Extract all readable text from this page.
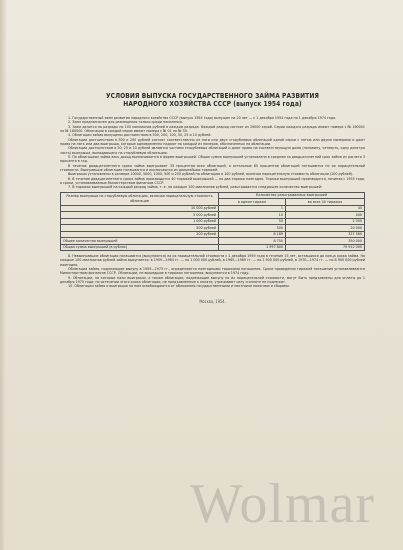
УСЛОВИЯ ВЫПУСКА ГОСУДАРСТВЕННОГО ЗАЙМА РАЗВИТИЯ
НАРОДНОГО ХОЗЯЙСТВА СССР (выпуск 1954 года)

1. Государственный заем развития народного хозяйства СССР (выпуск 1954 года) выпущен на 20 лет — с 1 декабря 1954 года по 1 декабря 1974 года.

2. Заем предназначен для размещения только среди населения.

3. Заем делится на разряды по 100 миллионов рублей в каждом разряде. Каждый разряд состоит из 20000 серий. Серии каждого разряда имеют номера с № 160001 по № 180000. Облигации в каждой серии имеют номера с № 01 по № 50.

4. Облигации займа выпущены достоинством в 500, 200, 100, 50, 25 и 10 рублей.

Облигации достоинством в 500 и 200 рублей состоят соответственно из пяти или двух сторублевых облигаций одной серии с пятью или двумя номерами и дают право на пять или два выигрыша, которые одновременно падают на каждый из номеров, обозначенных на облигации.

Облигации достоинством в 50, 25 и 10 рублей являются частями сторублевых облигаций и дают право на соответствующую долю (половину, четверть, одну десятую часть) выигрыша, выпадающего на сторублевую облигацию.

5. По облигациям займа весь доход выплачивается в форме выигрышей. Общая сумма выигрышей установлена в среднем за двадцатилетний срок займа из расчета 3 процента в год.

В течение двадцатилетнего срока займа выигрывает 35 процентов всех облигаций, а остальные 65 процентов облигаций погашаются по их нарицательной стоимости. Выигравшие облигации погашаются и исключаются из дальнейших тиражей.

Выигрыши установлены в размере 10000, 5000, 1000, 500 и 200 рублей на облигацию в 100 рублей, включая нарицательную стоимость облигации (100 рублей).

6. В течение двадцатилетнего срока займа производится 40 тиражей выигрышей — по два тиража ежегодно. Тиражи выигрышей производятся, начиная с 1955 года, в сроки, устанавливаемые Министерством финансов СССР.

7. В тиражах выигрышей на каждый разряд займа, т. е. на каждые 100 миллионов рублей, разыгрывается следующее количество выигрышей:

Размер выигрыша на сторублевую облигацию, включая нарицательную стоимость облигации	Количество разыгрываемых выигрышей	
	в одном тираже	во всех 40 тиражах
10 000 рублей	1	40
5 000 рублей	10	400
1 000 рублей	50	2 000
500 рублей	500	20 000
200 рублей	8 189	327 560
Общее количество выигрышей	8 750	350 000
Общая сумма выигрышей (в рублях)	1 997 800	79 912 000

8. Невыигравшие облигации погашаются (выкупаются) по их нарицательной стоимости с 1 декабря 1959 года в течение 15 лет, оставшихся до конца срока займа. На каждые 100 миллионов рублей займа выкупается: в 1959—1964 гг. — по 1 000 000 рублей, в 1965—1969 гг. — по 1 900 000 рублей, в 1970—1974 гг. — по 8 900 000 рублей ежегодно.

Облигации займа, подлежащие выкупу в 1959—1973 гг., определяются ежегодными тиражами погашения. Сроки проведения тиражей погашения устанавливаются Министерством финансов СССР. Облигации, не вышедшие в тиражах погашения, выкупаются в 1974 году.

9. Облигации, на которые пали выигрыши, а также облигации, подлежащие выкупу по их нарицательной стоимости, могут быть предъявлены для оплаты до 1 декабря 1975 года; по истечении этого срока облигации, не предъявленные к оплате, утрачивают силу и оплате не подлежат.

10. Облигации займа и выигрыши по ним освобождаются от обложения государственными и местными налогами и сборами.

Москва, 1954.
Wolmar
